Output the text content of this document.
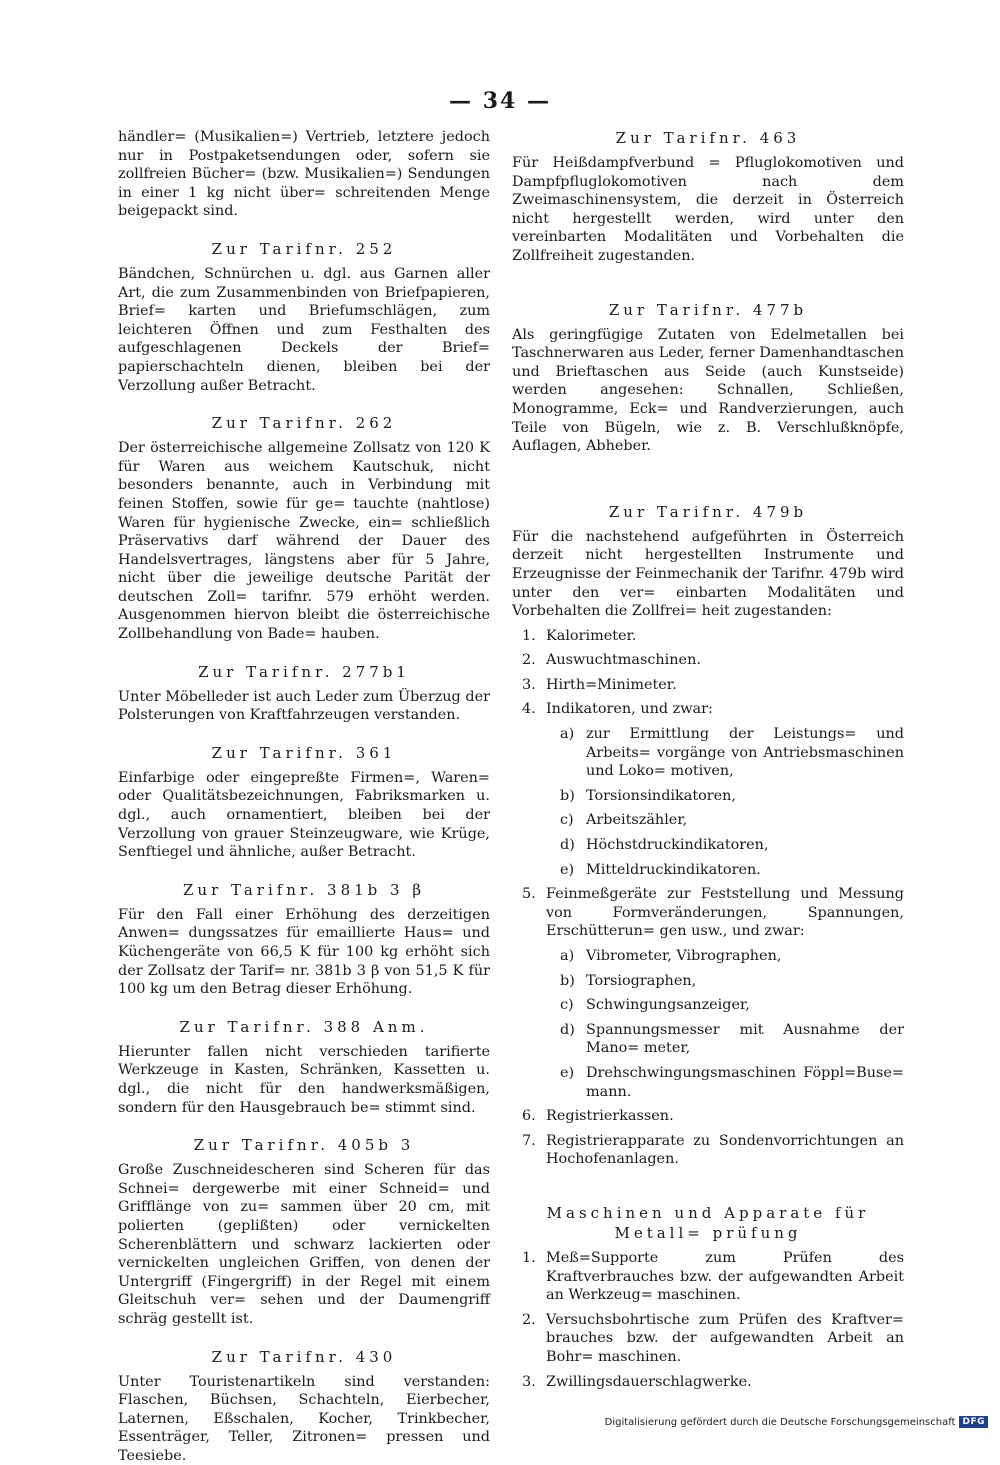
— 34 —

händler= (Musikalien=) Vertrieb, letztere jedoch nur in Postpaketsendungen oder, sofern sie zollfreien Bücher= (bzw. Musikalien=) Sendungen in einer 1 kg nicht über= schreitenden Menge beigepackt sind.

Zur Tarifnr. 252

Bändchen, Schnürchen u. dgl. aus Garnen aller Art, die zum Zusammenbinden von Briefpapieren, Brief= karten und Briefumschlägen, zum leichteren Öffnen und zum Festhalten des aufgeschlagenen Deckels der Brief= papierschachteln dienen, bleiben bei der Verzollung außer Betracht.

Zur Tarifnr. 262

Der österreichische allgemeine Zollsatz von 120 K für Waren aus weichem Kautschuk, nicht besonders benannte, auch in Verbindung mit feinen Stoffen, sowie für ge= tauchte (nahtlose) Waren für hygienische Zwecke, ein= schließlich Präservativs darf während der Dauer des Handelsvertrages, längstens aber für 5 Jahre, nicht über die jeweilige deutsche Parität der deutschen Zoll= tarifnr. 579 erhöht werden. Ausgenommen hiervon bleibt die österreichische Zollbehandlung von Bade= hauben.

Zur Tarifnr. 277b1

Unter Möbelleder ist auch Leder zum Überzug der Polsterungen von Kraftfahrzeugen verstanden.

Zur Tarifnr. 361

Einfarbige oder eingepreßte Firmen=, Waren= oder Qualitätsbezeichnungen, Fabriksmarken u. dgl., auch ornamentiert, bleiben bei der Verzollung von grauer Steinzeugware, wie Krüge, Senftiegel und ähnliche, außer Betracht.

Zur Tarifnr. 381b 3 β

Für den Fall einer Erhöhung des derzeitigen Anwen= dungssatzes für emaillierte Haus= und Küchengeräte von 66,5 K für 100 kg erhöht sich der Zollsatz der Tarif= nr. 381b 3 β von 51,5 K für 100 kg um den Betrag dieser Erhöhung.

Zur Tarifnr. 388 Anm.

Hierunter fallen nicht verschieden tarifierte Werkzeuge in Kasten, Schränken, Kassetten u. dgl., die nicht für den handwerksmäßigen, sondern für den Hausgebrauch be= stimmt sind.

Zur Tarifnr. 405b 3

Große Zuschneidescheren sind Scheren für das Schnei= dergewerbe mit einer Schneid= und Grifflänge von zu= sammen über 20 cm, mit polierten (geplißten) oder vernickelten Scherenblättern und schwarz lackierten oder vernickelten ungleichen Griffen, von denen der Untergriff (Fingergriff) in der Regel mit einem Gleitschuh ver= sehen und der Daumengriff schräg gestellt ist.

Zur Tarifnr. 430

Unter Touristenartikeln sind verstanden: Flaschen, Büchsen, Schachteln, Eierbecher, Laternen, Eßschalen, Kocher, Trinkbecher, Essenträger, Teller, Zitronen= pressen und Teesiebe.

Zur Tarifnr. 463

Für Heißdampfverbund = Pfluglokomotiven und Dampfpfluglokomotiven nach dem Zweimaschinensystem, die derzeit in Österreich nicht hergestellt werden, wird unter den vereinbarten Modalitäten und Vorbehalten die Zollfreiheit zugestanden.

Zur Tarifnr. 477b

Als geringfügige Zutaten von Edelmetallen bei Taschnerwaren aus Leder, ferner Damenhandtaschen und Brieftaschen aus Seide (auch Kunstseide) werden angesehen: Schnallen, Schließen, Monogramme, Eck= und Randverzierungen, auch Teile von Bügeln, wie z. B. Verschlußknöpfe, Auflagen, Abheber.

Zur Tarifnr. 479b

Für die nachstehend aufgeführten in Österreich derzeit nicht hergestellten Instrumente und Erzeugnisse der Feinmechanik der Tarifnr. 479b wird unter den ver= einbarten Modalitäten und Vorbehalten die Zollfrei= heit zugestanden:

1. Kalorimeter.
2. Auswuchtmaschinen.
3. Hirth=Minimeter.
4. Indikatoren, und zwar:
a) zur Ermittlung der Leistungs= und Arbeits= vorgänge von Antriebsmaschinen und Loko= motiven,
b) Torsionsindikatoren,
c) Arbeitszähler,
d) Höchstdruckindikatoren,
e) Mitteldruckindikatoren.
5. Feinmeßgeräte zur Feststellung und Messung von Formveränderungen, Spannungen, Erschütterun= gen usw., und zwar:
a) Vibrometer, Vibrographen,
b) Torsiographen,
c) Schwingungsanzeiger,
d) Spannungsmesser mit Ausnahme der Mano= meter,
e) Drehschwingungsmaschinen Föppl=Buse= mann.
6. Registrierkassen.
7. Registrierapparate zu Sondenvorrichtungen an Hochofenanlagen.
Maschinen und Apparate für Metall= prüfung
1. Meß=Supporte zum Prüfen des Kraftverbrauches bzw. der aufgewandten Arbeit an Werkzeug= maschinen.
2. Versuchsbohrtische zum Prüfen des Kraftver= brauches bzw. der aufgewandten Arbeit an Bohr= maschinen.
3. Zwillingsdauerschlagwerke.
Digitalisierung gefördert durch die Deutsche Forschungsgemeinschaft DFG
